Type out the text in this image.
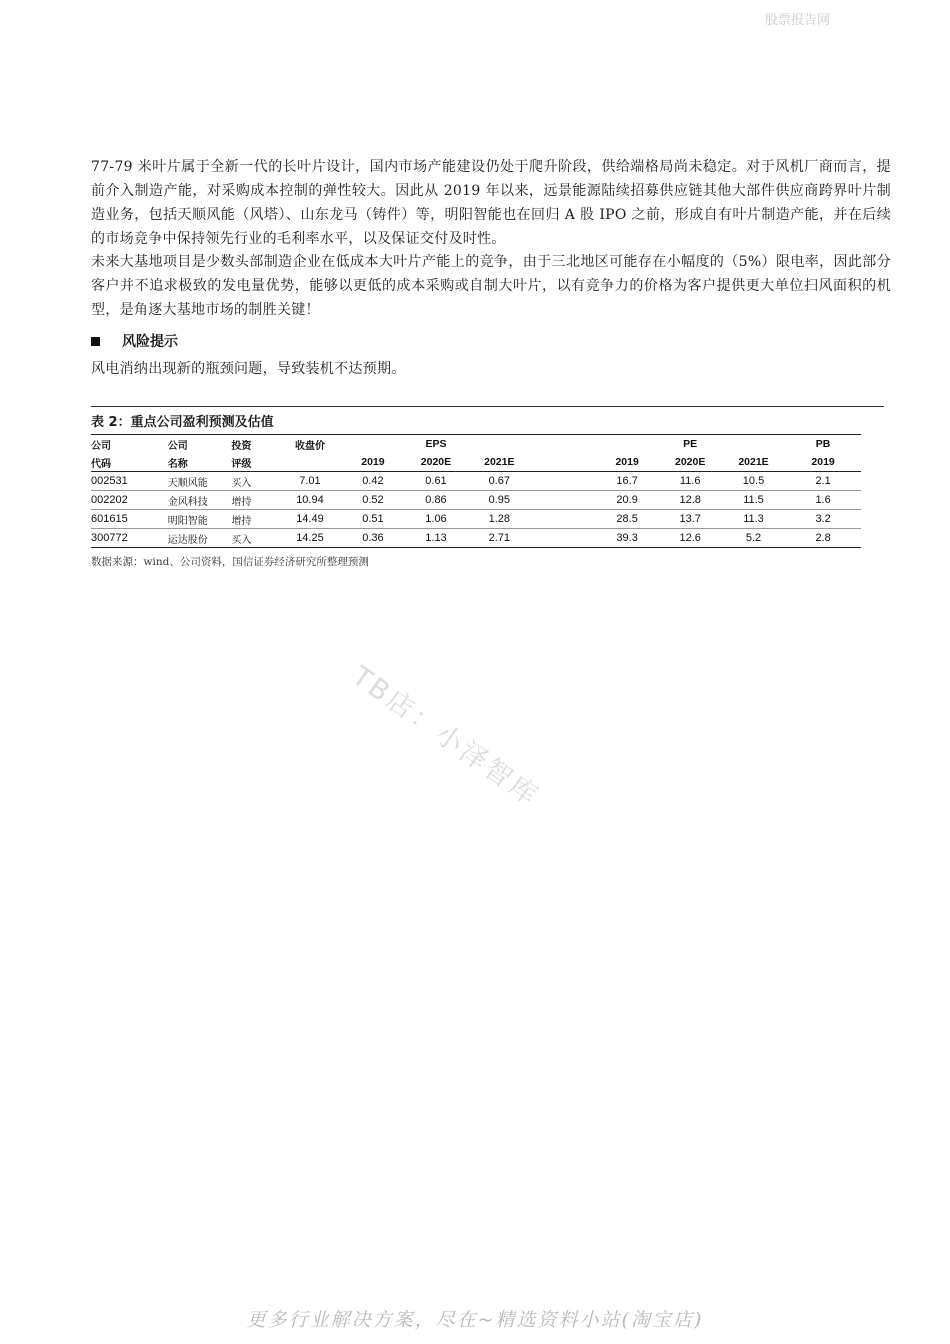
股票报告网

77-79 米叶片属于全新一代的长叶片设计，国内市场产能建设仍处于爬升阶段，供给端格局尚未稳定。对于风机厂商而言，提前介入制造产能，对采购成本控制的弹性较大。因此从 2019 年以来，远景能源陆续招募供应链其他大部件供应商跨界叶片制造业务，包括天顺风能（风塔）、山东龙马（铸件）等，明阳智能也在回归 A 股 IPO 之前，形成自有叶片制造产能，并在后续的市场竞争中保持领先行业的毛利率水平，以及保证交付及时性。

未来大基地项目是少数头部制造企业在低成本大叶片产能上的竞争，由于三北地区可能存在小幅度的（5%）限电率，因此部分客户并不追求极致的发电量优势，能够以更低的成本采购或自制大叶片，以有竞争力的价格为客户提供更大单位扫风面积的机型，是角逐大基地市场的制胜关键！

风险提示

风电消纳出现新的瓶颈问题，导致装机不达预期。

表 2：重点公司盈利预测及估值
公司	公司	投资	收盘价		EPS				PE		PB
代码	名称	评级		2019	2020E	2021E		2019	2020E	2021E	2019
002531	天顺风能	买入	7.01	0.42	0.61	0.67		16.7	11.6	10.5	2.1
002202	金风科技	增持	10.94	0.52	0.86	0.95		20.9	12.8	11.5	1.6
601615	明阳智能	增持	14.49	0.51	1.06	1.28		28.5	13.7	11.3	3.2
300772	运达股份	买入	14.25	0.36	1.13	2.71		39.3	12.6	5.2	2.8
数据来源：wind、公司资料，国信证券经济研究所整理预测
TB店：小泽智库
更多行业解决方案，尽在~精选资料小站(淘宝店)
